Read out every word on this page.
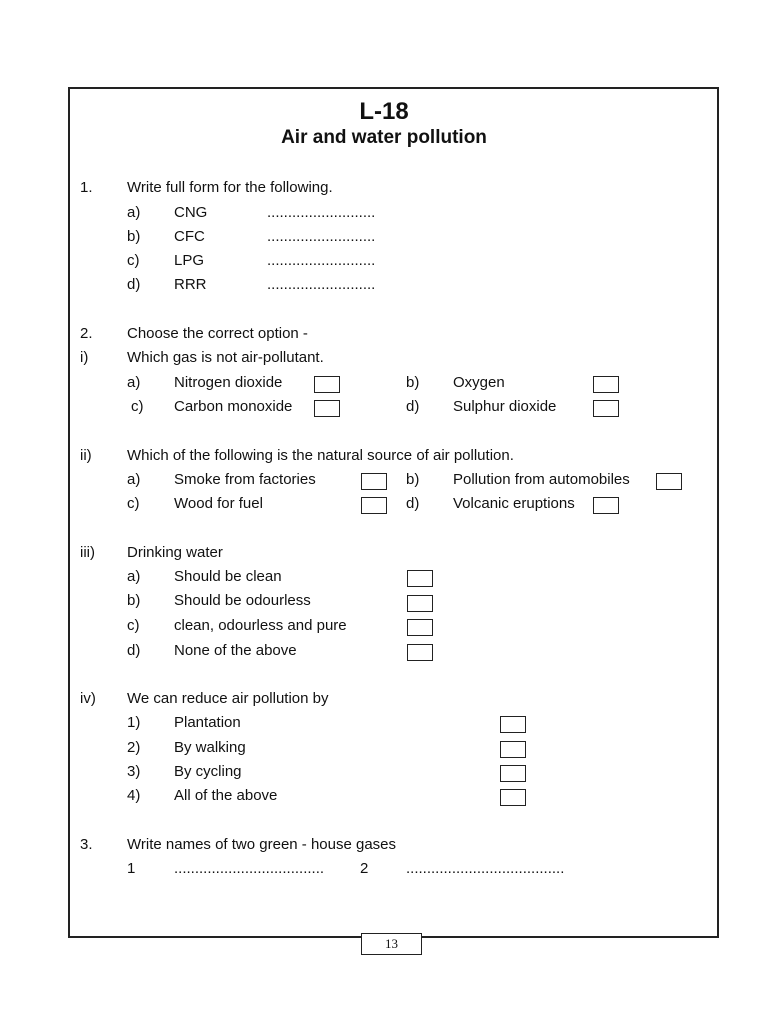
L-18
Air and water pollution
1. Write full form for the following.
a) CNG	..........................
b) CFC	..........................
c) LPG	..........................
d) RRR	..........................
2. Choose the correct option -
i)	Which gas is not air-pollutant.
a) Nitrogen dioxide	b) Oxygen
c) Carbon monoxide	d) Sulphur dioxide
ii) Which of the following is the natural source of air pollution.
a) Smoke from factories	b) Pollution from automobiles
c) Wood for fuel	d) Volcanic eruptions
iii) Drinking water
a) Should be clean
b) Should be odourless
c) clean, odourless and pure
d) None of the above
iv) We can reduce air pollution by
1) Plantation
2) By walking
3) By cycling
4) All of the above
3. Write names of two green - house gases
1	.................................... 2	......................................
13
